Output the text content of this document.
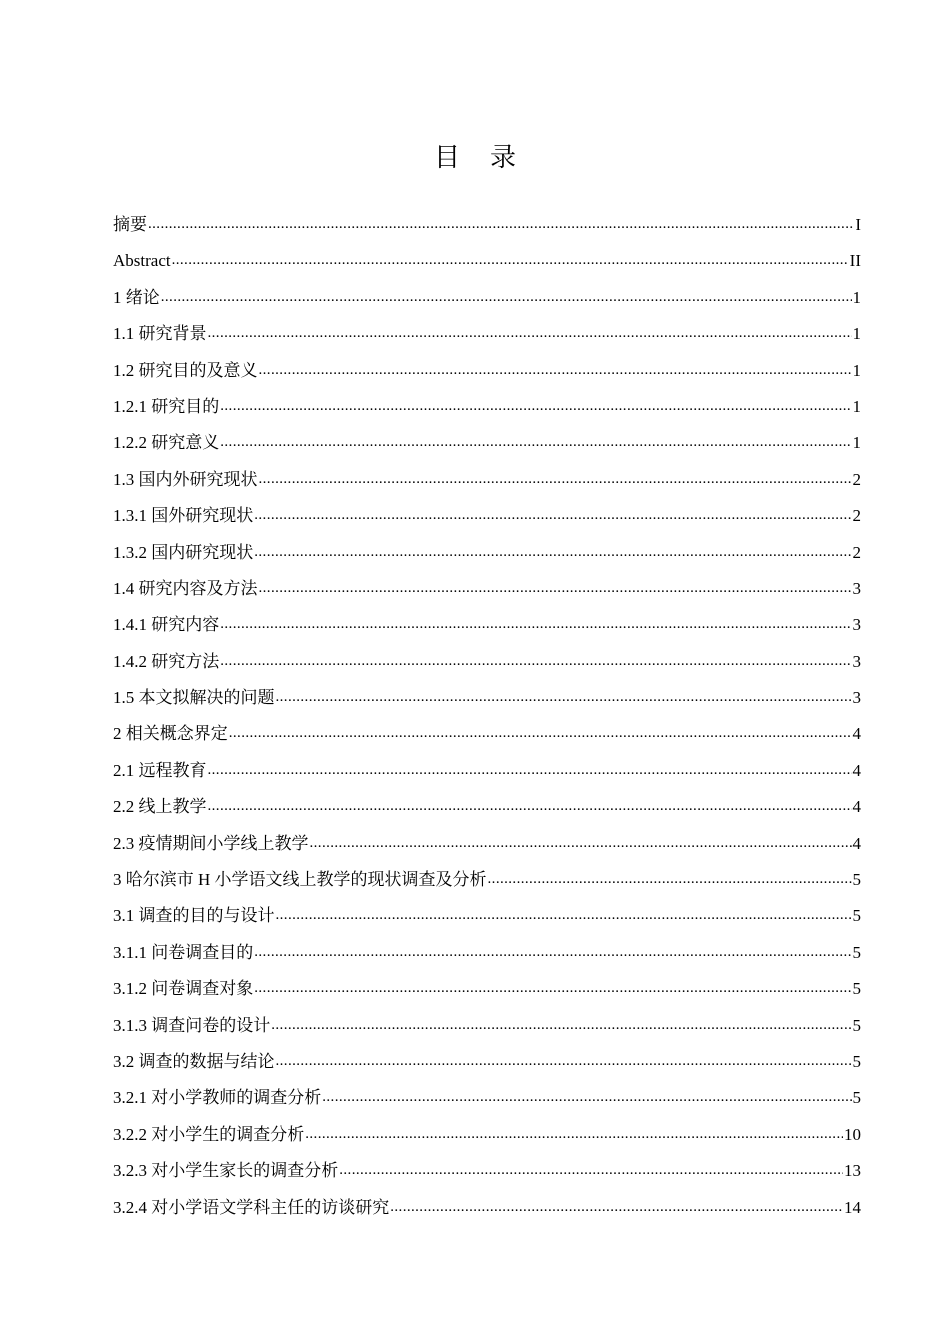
目 录
摘要 .....	I
Abstract .....	II
1 绪论 .....	1
1.1 研究背景 .....	1
1.2 研究目的及意义 .....	1
1.2.1 研究目的 .....	1
1.2.2 研究意义 .....	1
1.3 国内外研究现状 .....	2
1.3.1 国外研究现状 .....	2
1.3.2 国内研究现状 .....	2
1.4 研究内容及方法 .....	3
1.4.1 研究内容 .....	3
1.4.2 研究方法 .....	3
1.5 本文拟解决的问题 .....	3
2 相关概念界定 .....	4
2.1 远程教育 .....	4
2.2 线上教学 .....	4
2.3 疫情期间小学线上教学 .....	4
3 哈尔滨市 H 小学语文线上教学的现状调查及分析 .....	5
3.1 调查的目的与设计 .....	5
3.1.1 问卷调查目的 .....	5
3.1.2 问卷调查对象 .....	5
3.1.3 调查问卷的设计 .....	5
3.2 调查的数据与结论 .....	5
3.2.1 对小学教师的调查分析 .....	5
3.2.2 对小学生的调查分析 .....	10
3.2.3 对小学生家长的调查分析 .....	13
3.2.4 对小学语文学科主任的访谈研究 .....	14
